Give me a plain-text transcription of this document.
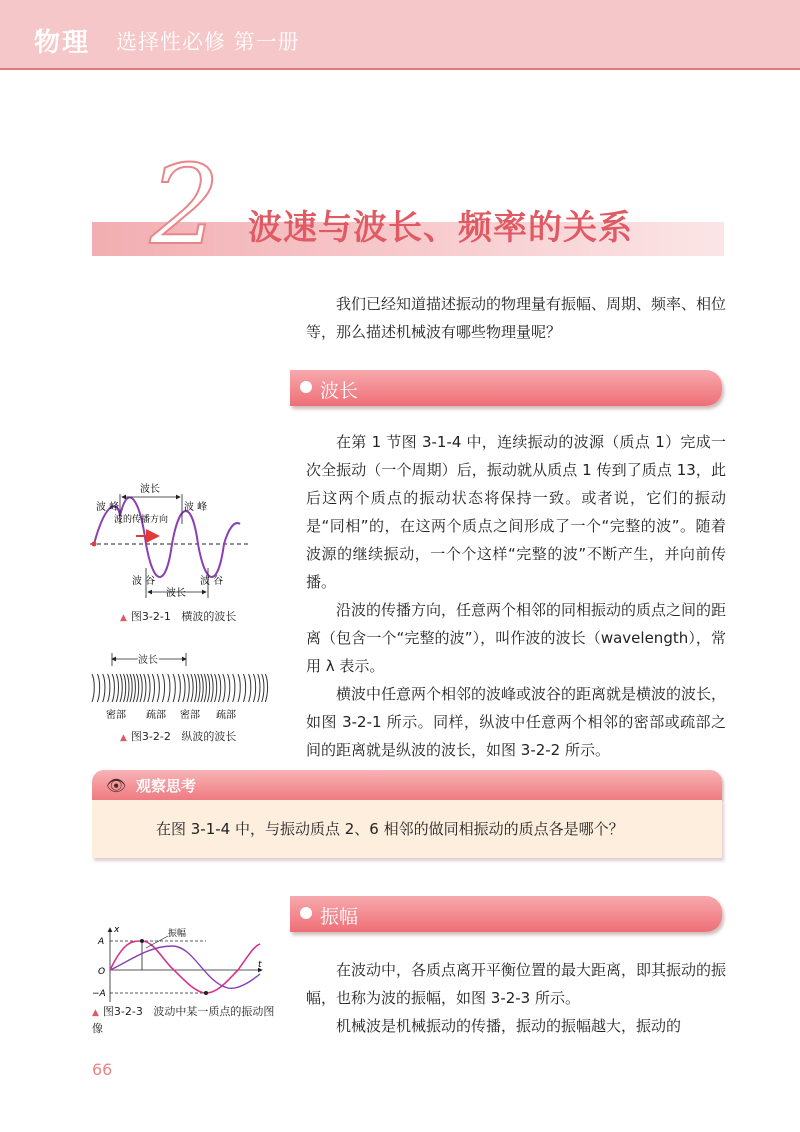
物理 选择性必修 第一册
2 波速与波长、频率的关系

我们已经知道描述振动的物理量有振幅、周期、频率、相位等，那么描述机械波有哪些物理量呢？

波长

在第 1 节图 3-1-4 中，连续振动的波源（质点 1）完成一次全振动（一个周期）后，振动就从质点 1 传到了质点 13，此后这两个质点的振动状态将保持一致。或者说，它们的振动是“同相”的，在这两个质点之间形成了一个“完整的波”。随着波源的继续振动，一个个这样“完整的波”不断产生，并向前传播。

沿波的传播方向，任意两个相邻的同相振动的质点之间的距离（包含一个“完整的波”），叫作波的波长（wavelength），常用 λ 表示。

横波中任意两个相邻的波峰或波谷的距离就是横波的波长，如图 3-2-1 所示。同样，纵波中任意两个相邻的密部或疏部之间的距离就是纵波的波长，如图 3-2-2 所示。

波长
波 峰	波 峰
波的传播方向
波 谷	波 谷
波长
▲ 图3-2-1 横波的波长
波长
密部 疏部 密部 疏部
▲ 图3-2-2 纵波的波长
👁 观察思考
在图 3-1-4 中，与振动质点 2、6 相邻的做同相振动的质点各是哪个？
振幅

在波动中，各质点离开平衡位置的最大距离，即其振动的振幅，也称为波的振幅，如图 3-2-3 所示。

机械波是机械振动的传播，振动的振幅越大，振动的

x
t
A
O
−A
振幅
▲ 图3-2-3 波动中某一质点的振动图像
66
